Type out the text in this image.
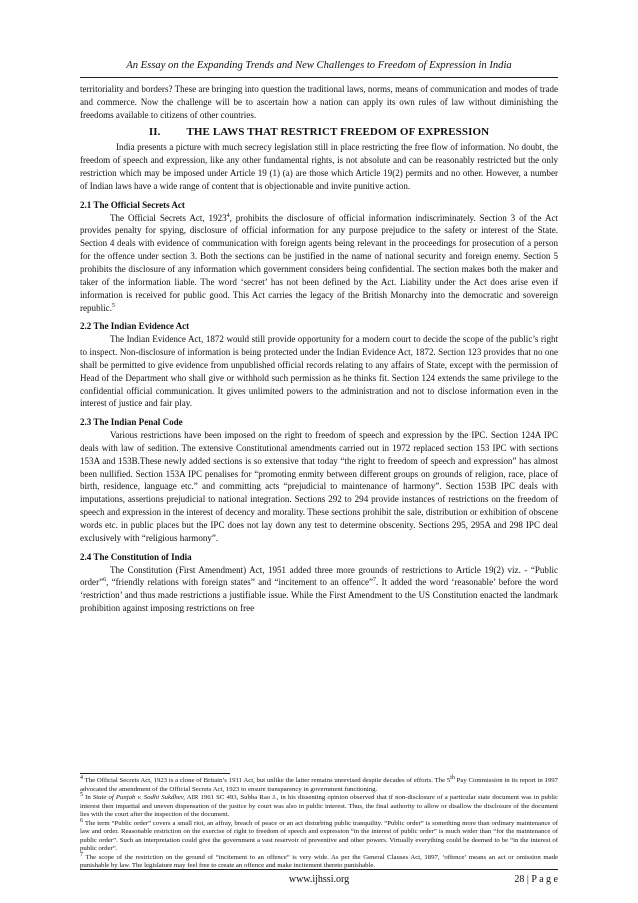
An Essay on the Expanding Trends and New Challenges to Freedom of Expression in India

territoriality and borders? These are bringing into question the traditional laws, norms, means of communication and modes of trade and commerce. Now the challenge will be to ascertain how a nation can apply its own rules of law without diminishing the freedoms available to citizens of other countries.

II. THE LAWS THAT RESTRICT FREEDOM OF EXPRESSION

India presents a picture with much secrecy legislation still in place restricting the free flow of information. No doubt, the freedom of speech and expression, like any other fundamental rights, is not absolute and can be reasonably restricted but the only restriction which may be imposed under Article 19 (1) (a) are those which Article 19(2) permits and no other. However, a number of Indian laws have a wide range of content that is objectionable and invite punitive action.

2.1 The Official Secrets Act

The Official Secrets Act, 1923$^4$, prohibits the disclosure of official information indiscriminately. Section 3 of the Act provides penalty for spying, disclosure of official information for any purpose prejudice to the safety or interest of the State. Section 4 deals with evidence of communication with foreign agents being relevant in the proceedings for prosecution of a person for the offence under section 3. Both the sections can be justified in the name of national security and foreign enemy. Section 5 prohibits the disclosure of any information which government considers being confidential. The section makes both the maker and taker of the information liable. The word ‘secret’ has not been defined by the Act. Liability under the Act does arise even if information is received for public good. This Act carries the legacy of the British Monarchy into the democratic and sovereign republic.$^5$

2.2 The Indian Evidence Act

The Indian Evidence Act, 1872 would still provide opportunity for a modern court to decide the scope of the public’s right to inspect. Non-disclosure of information is being protected under the Indian Evidence Act, 1872. Section 123 provides that no one shall be permitted to give evidence from unpublished official records relating to any affairs of State, except with the permission of Head of the Department who shall give or withhold such permission as he thinks fit. Section 124 extends the same privilege to the confidential official communication. It gives unlimited powers to the administration and not to disclose information even in the interest of justice and fair play.

2.3 The Indian Penal Code

Various restrictions have been imposed on the right to freedom of speech and expression by the IPC. Section 124A IPC deals with law of sedition. The extensive Constitutional amendments carried out in 1972 replaced section 153 IPC with sections 153A and 153B.These newly added sections is so extensive that today “the right to freedom of speech and expression” has almost been nullified. Section 153A IPC penalises for “promoting enmity between different groups on grounds of religion, race, place of birth, residence, language etc.” and committing acts “prejudicial to maintenance of harmony”. Section 153B IPC deals with imputations, assertions prejudicial to national integration. Sections 292 to 294 provide instances of restrictions on the freedom of speech and expression in the interest of decency and morality. These sections prohibit the sale, distribution or exhibition of obscene words etc. in public places but the IPC does not lay down any test to determine obscenity. Sections 295, 295A and 298 IPC deal exclusively with “religious harmony”.

2.4 The Constitution of India

The Constitution (First Amendment) Act, 1951 added three more grounds of restrictions to Article 19(2) viz. - “Public order”$^6$, “friendly relations with foreign states” and “incitement to an offence”$^7$. It added the word ‘reasonable’ before the word ‘restriction’ and thus made restrictions a justifiable issue. While the First Amendment to the US Constitution enacted the landmark prohibition against imposing restrictions on free

$^4$ The Official Secrets Act, 1923 is a clone of Britain’s 1911 Act, but unlike the latter remains unrevised despite decades of efforts. The 5th Pay Commission in its report in 1997 advocated the amendment of the Official Secrets Act, 1923 to ensure transparency in government functioning.

$^5$ In State of Punjab v. Sodhi Sukdhev, AIR 1961 SC 493, Subba Rao J., in his dissenting opinion observed that if non-disclosure of a particular state document was in public interest then impartial and uneven dispensation of the justice by court was also in public interest. Thus, the final authority to allow or disallow the disclosure of the document lies with the court after the inspection of the document.

$^6$ The term “Public order” covers a small riot, an affray, breach of peace or an act disturbing public tranquility. “Public order” is something more than ordinary maintenance of law and order. Reasonable restriction on the exercise of right to freedom of speech and expression “in the interest of public order” is much wider than “for the maintenance of public order”. Such an interpretation could give the government a vast reservoir of preventive and other powers. Virtually everything could be deemed to be “in the interest of public order”.

$^7$ The scope of the restriction on the ground of “incitement to an offence” is very wide. As per the General Clauses Act, 1897, ‘offence’ means an act or omission made punishable by law. The legislature may feel free to create an offence and make incitement thereto punishable.

www.ijhssi.org	28 | P a g e
